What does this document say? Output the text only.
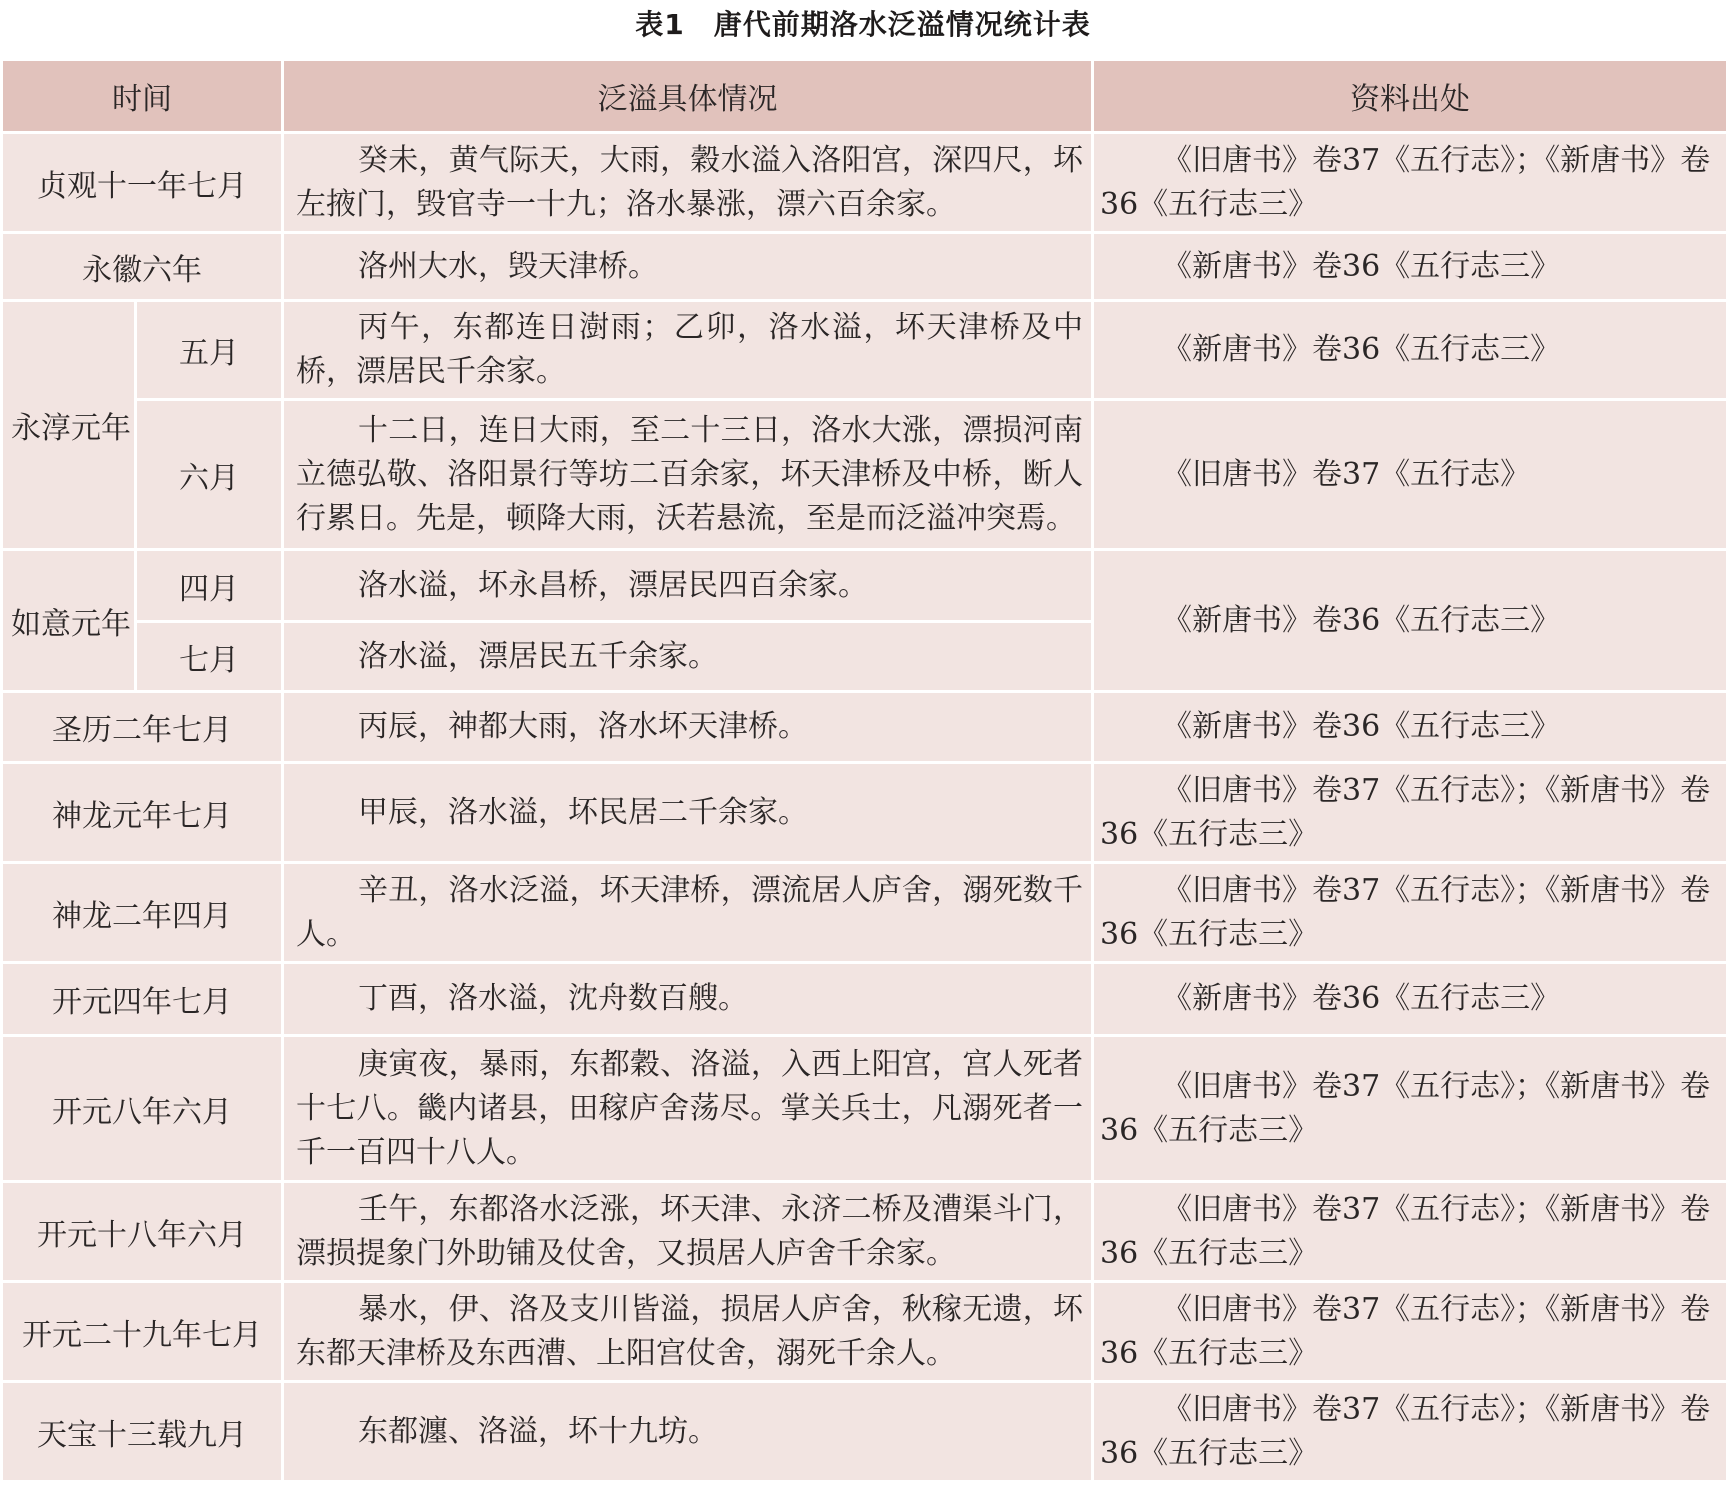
表1　唐代前期洛水泛溢情况统计表
时间		泛溢具体情况	资料出处
贞观十一年七月		癸未，黄气际天，大雨，穀水溢入洛阳宫，深四尺，坏左掖门，毁官寺一十九；洛水暴涨，漂六百余家。	《旧唐书》卷37《五行志》；《新唐书》卷36《五行志三》
永徽六年		洛州大水，毁天津桥。	《新唐书》卷36《五行志三》
永淳元年	五月	丙午，东都连日澍雨；乙卯，洛水溢，坏天津桥及中桥，漂居民千余家。	《新唐书》卷36《五行志三》
	六月	十二日，连日大雨，至二十三日，洛水大涨，漂损河南立德弘敬、洛阳景行等坊二百余家，坏天津桥及中桥，断人行累日。先是，顿降大雨，沃若悬流，至是而泛溢冲突焉。	《旧唐书》卷37《五行志》
如意元年	四月	洛水溢，坏永昌桥，漂居民四百余家。	《新唐书》卷36《五行志三》
	七月	洛水溢，漂居民五千余家。	
圣历二年七月		丙辰，神都大雨，洛水坏天津桥。	《新唐书》卷36《五行志三》
神龙元年七月		甲辰，洛水溢，坏民居二千余家。	《旧唐书》卷37《五行志》；《新唐书》卷36《五行志三》
神龙二年四月		辛丑，洛水泛溢，坏天津桥，漂流居人庐舍，溺死数千人。	《旧唐书》卷37《五行志》；《新唐书》卷36《五行志三》
开元四年七月		丁酉，洛水溢，沈舟数百艘。	《新唐书》卷36《五行志三》
开元八年六月		庚寅夜，暴雨，东都穀、洛溢，入西上阳宫，宫人死者十七八。畿内诸县，田稼庐舍荡尽。掌关兵士，凡溺死者一千一百四十八人。	《旧唐书》卷37《五行志》；《新唐书》卷36《五行志三》
开元十八年六月		壬午，东都洛水泛涨，坏天津、永济二桥及漕渠斗门，漂损提象门外助铺及仗舍，又损居人庐舍千余家。	《旧唐书》卷37《五行志》；《新唐书》卷36《五行志三》
开元二十九年七月		暴水，伊、洛及支川皆溢，损居人庐舍，秋稼无遗，坏东都天津桥及东西漕、上阳宫仗舍，溺死千余人。	《旧唐书》卷37《五行志》；《新唐书》卷36《五行志三》
天宝十三载九月		东都瀍、洛溢，坏十九坊。	《旧唐书》卷37《五行志》；《新唐书》卷36《五行志三》
